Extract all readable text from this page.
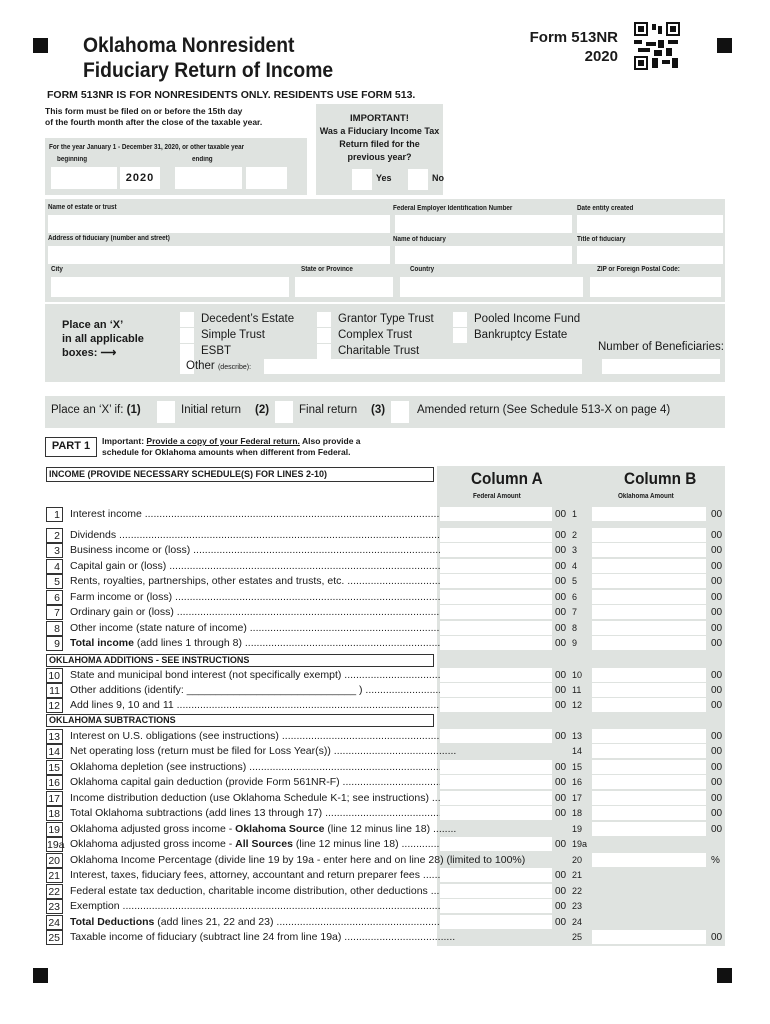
Oklahoma Nonresident
Fiduciary Return of Income
Form 513NR
2020
FORM 513NR IS FOR NONRESIDENTS ONLY. RESIDENTS USE FORM 513.
This form must be filed on or before the 15th day
of the fourth month after the close of the taxable year.
For the year January 1 - December 31, 2020, or other taxable year
beginning	ending
2020
IMPORTANT!
Was a Fiduciary Income Tax
Return filed for the
previous year?
Yes	No
Name of estate or trust	Federal Employer Identification Number	Date entity created
Address of fiduciary (number and street)	Name of fiduciary	Title of fiduciary
City	State or Province	Country	ZIP or Foreign Postal Code:
Place an ‘X’
in all applicable
boxes: ⟶
Decedent’s Estate
Simple Trust
ESBT
Grantor Type Trust
Complex Trust
Charitable Trust
Pooled Income Fund
Bankruptcy Estate
Other (describe):
Number of Beneficiaries:
Place an ‘X’ if: (1)	Initial return (2)	Final return (3)	Amended return (See Schedule 513-X on page 4)
PART 1	Important: Provide a copy of your Federal return. Also provide a
schedule for Oklahoma amounts when different from Federal.
Column A
Federal Amount
Column B
Oklahoma Amount
INCOME (PROVIDE NECESSARY SCHEDULE(S) FOR LINES 2-10)
OKLAHOMA ADDITIONS - SEE INSTRUCTIONS
OKLAHOMA SUBTRACTIONS
1 Interest income .....	00 1	00
2 Dividends .....	00 2	00
3 Business income or (loss) .....	00 3	00
4 Capital gain or (loss) .....	00 4	00
5 Rents, royalties, partnerships, other estates and trusts, etc. .....	00 5	00
6 Farm income or (loss) .....	00 6	00
7 Ordinary gain or (loss) .....	00 7	00
8 Other income (state nature of income) .....	00 8	00
9 Total income (add lines 1 through 8) .....	00 9	00
10 State and municipal bond interest (not specifically exempt) .....	00 10	00
11 Other additions (identify: _____________________________ ) .....	00 11	00
12 Add lines 9, 10 and 11 .....	00 12	00
13 Interest on U.S. obligations (see instructions) .....	00 13	00
14 Net operating loss (return must be filed for Loss Year(s)) .....	14	00
15 Oklahoma depletion (see instructions) .....	00 15	00
16 Oklahoma capital gain deduction (provide Form 561NR-F) .....	00 16	00
17 Income distribution deduction (use Oklahoma Schedule K-1; see instructions) .....	00 17	00
18 Total Oklahoma subtractions (add lines 13 through 17) .....	00 18	00
19 Oklahoma adjusted gross income - Oklahoma Source (line 12 minus line 18) .....	19	00
19a Oklahoma adjusted gross income - All Sources (line 12 minus line 18) .....	00 19a
20 Oklahoma Income Percentage (divide line 19 by 19a - enter here and on line 28) (limited to 100%)	20	%
21 Interest, taxes, fiduciary fees, attorney, accountant and return preparer fees .....	00 21
22 Federal estate tax deduction, charitable income distribution, other deductions .....	00 22
23 Exemption .....	00 23
24 Total Deductions (add lines 21, 22 and 23) .....	00 24
25 Taxable income of fiduciary (subtract line 24 from line 19a) .....	25	00
